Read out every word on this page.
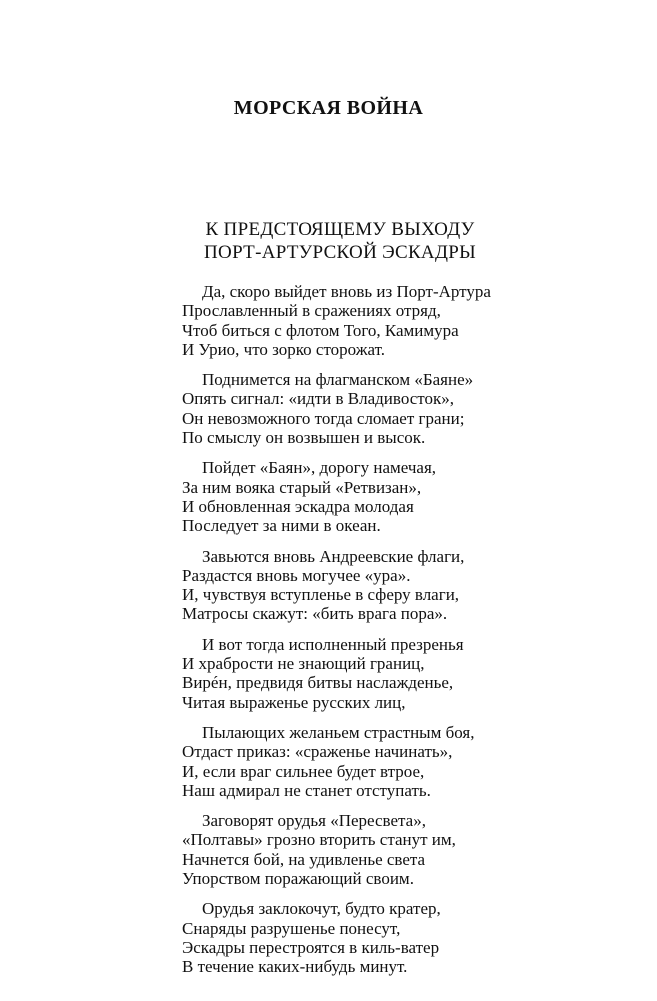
МОРСКАЯ ВОЙНА
К ПРЕДСТОЯЩЕМУ ВЫХОДУ
ПОРТ-АРТУРСКОЙ ЭСКАДРЫ
Да, скоро выйдет вновь из Порт-Артура
Прославленный в сражениях отряд,
Чтоб биться с флотом Того, Камимура
И Урио, что зорко сторожат.
Поднимется на флагманском «Баяне»
Опять сигнал: «идти в Владивосток»,
Он невозможного тогда сломает грани;
По смыслу он возвышен и высок.
Пойдет «Баян», дорогу намечая,
За ним вояка старый «Ретвизан»,
И обновленная эскадра молодая
Последует за ними в океан.
Завьются вновь Андреевские флаги,
Раздастся вновь могучее «ура».
И, чувствуя вступленье в сферу влаги,
Матросы скажут: «бить врага пора».
И вот тогда исполненный презренья
И храбрости не знающий границ,
Вирéн, предвидя битвы наслажденье,
Читая выраженье русских лиц,
Пылающих желаньем страстным боя,
Отдаст приказ: «сраженье начинать»,
И, если враг сильнее будет втрое,
Наш адмирал не станет отступать.
Заговорят орудья «Пересвета»,
«Полтавы» грозно вторить станут им,
Начнется бой, на удивленье света
Упорством поражающий своим.
Орудья заклокочут, будто кратер,
Снаряды разрушенье понесут,
Эскадры перестроятся в киль-ватер
В течение каких-нибудь минут.
